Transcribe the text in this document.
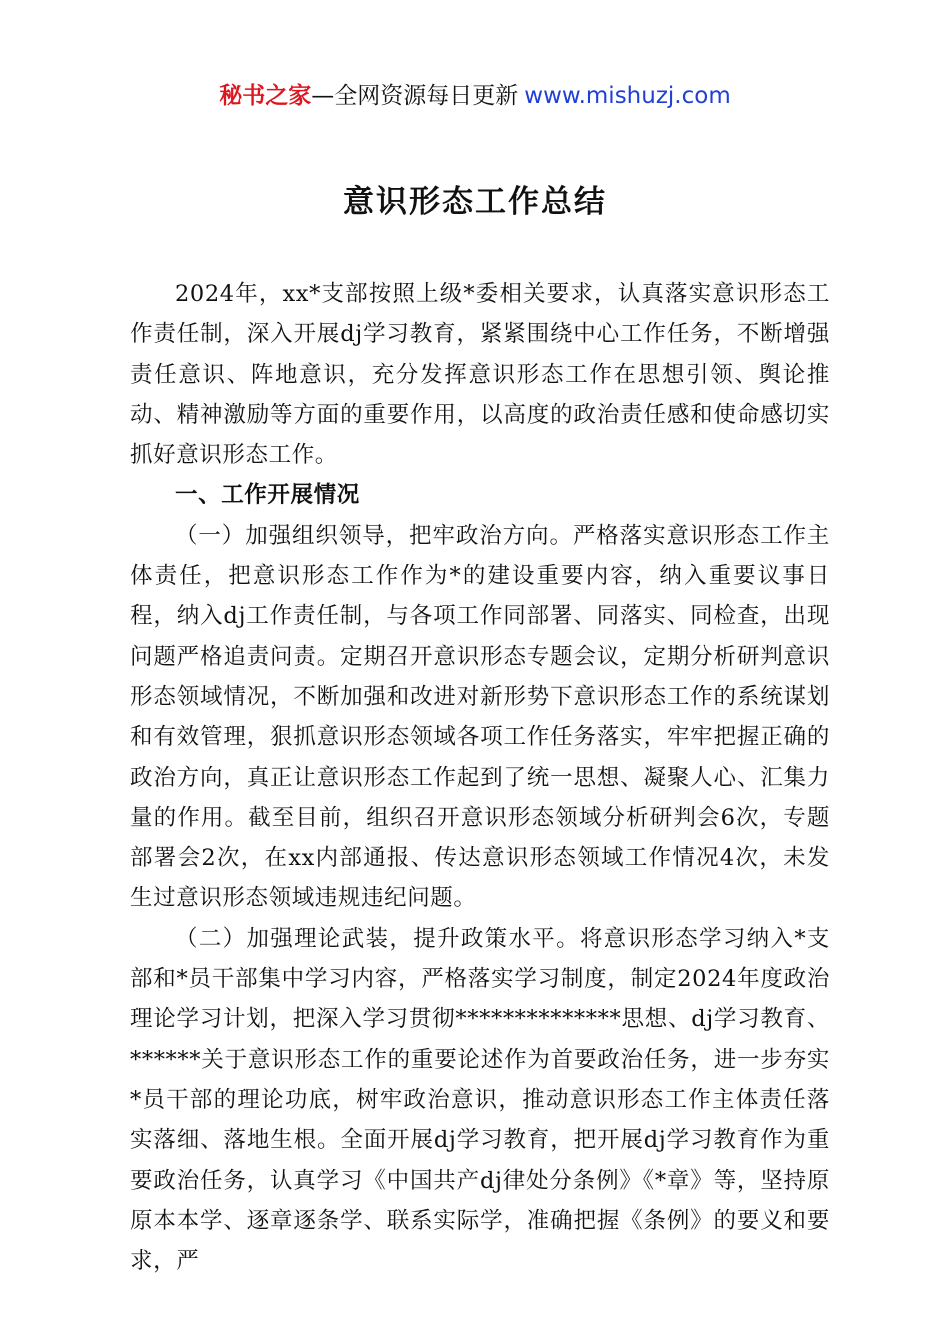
秘书之家—全网资源每日更新 www.mishuzj.com
意识形态工作总结

2024年，xx*支部按照上级*委相关要求，认真落实意识形态工作责任制，深入开展dj学习教育，紧紧围绕中心工作任务，不断增强责任意识、阵地意识，充分发挥意识形态工作在思想引领、舆论推动、精神激励等方面的重要作用，以高度的政治责任感和使命感切实抓好意识形态工作。

一、工作开展情况

（一）加强组织领导，把牢政治方向。严格落实意识形态工作主体责任，把意识形态工作作为*的建设重要内容，纳入重要议事日程，纳入dj工作责任制，与各项工作同部署、同落实、同检查，出现问题严格追责问责。定期召开意识形态专题会议，定期分析研判意识形态领域情况，不断加强和改进对新形势下意识形态工作的系统谋划和有效管理，狠抓意识形态领域各项工作任务落实，牢牢把握正确的政治方向，真正让意识形态工作起到了统一思想、凝聚人心、汇集力量的作用。截至目前，组织召开意识形态领域分析研判会6次，专题部署会2次，在xx内部通报、传达意识形态领域工作情况4次，未发生过意识形态领域违规违纪问题。

（二）加强理论武装，提升政策水平。将意识形态学习纳入*支部和*员干部集中学习内容，严格落实学习制度，制定2024年度政治理论学习计划，把深入学习贯彻**************思想、dj学习教育、******关于意识形态工作的重要论述作为首要政治任务，进一步夯实*员干部的理论功底，树牢政治意识，推动意识形态工作主体责任落实落细、落地生根。全面开展dj学习教育，把开展dj学习教育作为重要政治任务，认真学习《中国共产dj律处分条例》《*章》等，坚持原原本本学、逐章逐条学、联系实际学，准确把握《条例》的要义和要求，严
